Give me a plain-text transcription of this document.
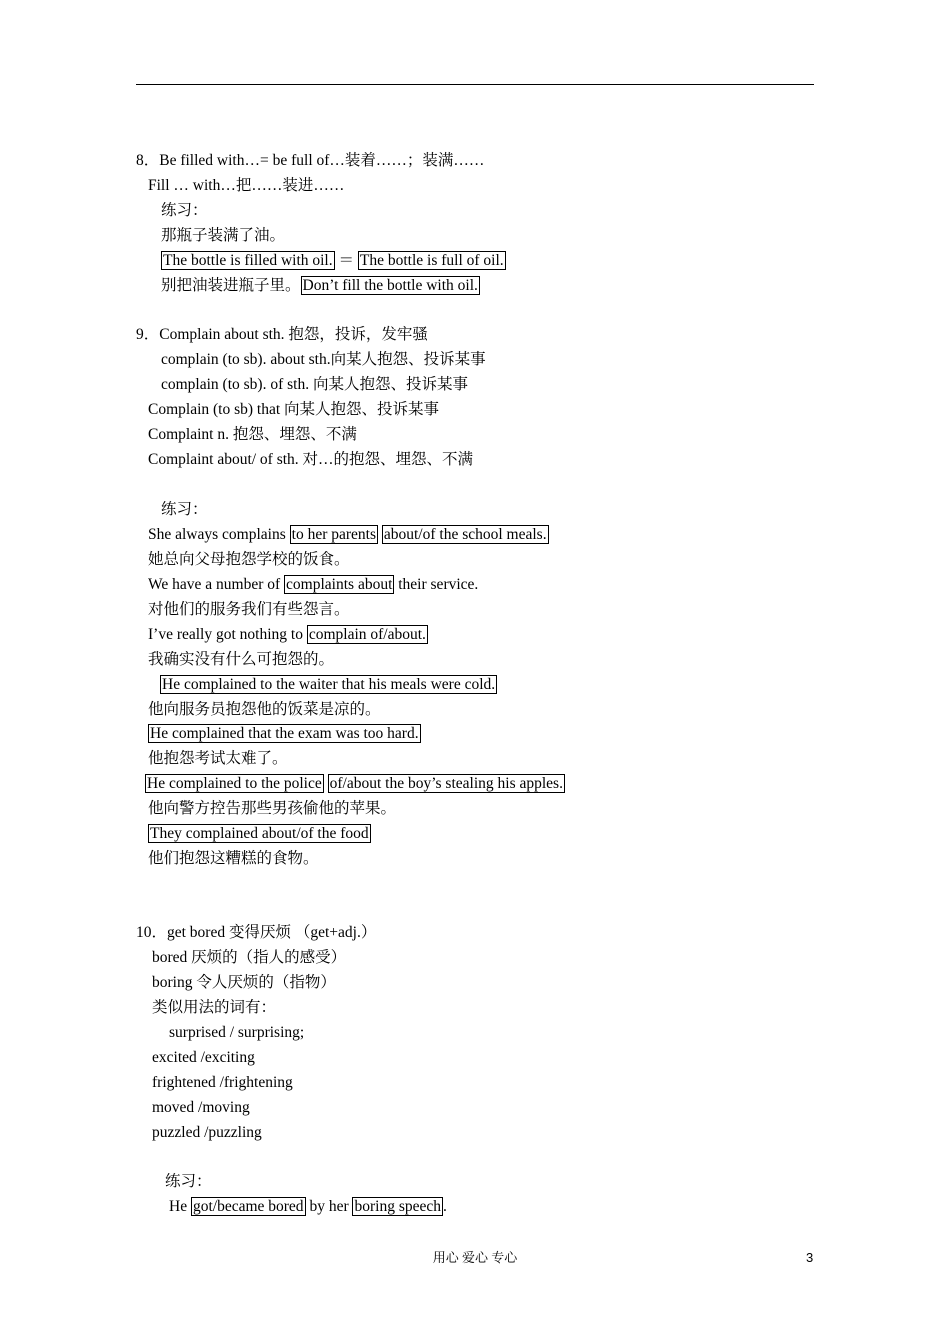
8．Be filled with…= be full of…装着……；装满……
Fill … with…把……装进……
练习：
那瓶子装满了油。
The bottle is filled with oil. ＝ The bottle is full of oil.
别把油装进瓶子里。 Don’t fill the bottle with oil.
9．Complain about sth. 抱怨，投诉，发牢骚
complain (to sb). about sth.向某人抱怨、投诉某事
complain (to sb). of sth. 向某人抱怨、投诉某事
Complain (to sb) that 向某人抱怨、投诉某事
Complaint n. 抱怨、埋怨、不满
Complaint about/ of sth. 对…的抱怨、埋怨、不满
练习：
She always complains to her parents about/of the school meals.
她总向父母抱怨学校的饭食。
We have a number of complaints about their service.
对他们的服务我们有些怨言。
I’ve really got nothing to complain of/about.
我确实没有什么可抱怨的。
He complained to the waiter that his meals were cold.
他向服务员抱怨他的饭菜是凉的。
He complained that the exam was too hard.
他抱怨考试太难了。
He complained to the police of/about the boy’s stealing his apples.
他向警方控告那些男孩偷他的苹果。
They complained about/of the food
他们抱怨这糟糕的食物。
10．get bored 变得厌烦 （get+adj.）
bored 厌烦的（指人的感受）
boring 令人厌烦的（指物）
类似用法的词有：
surprised / surprising;
excited /exciting
frightened /frightening
moved /moving
puzzled /puzzling
练习：
He got/became bored by her boring speech .
用心 爱心 专心	3
